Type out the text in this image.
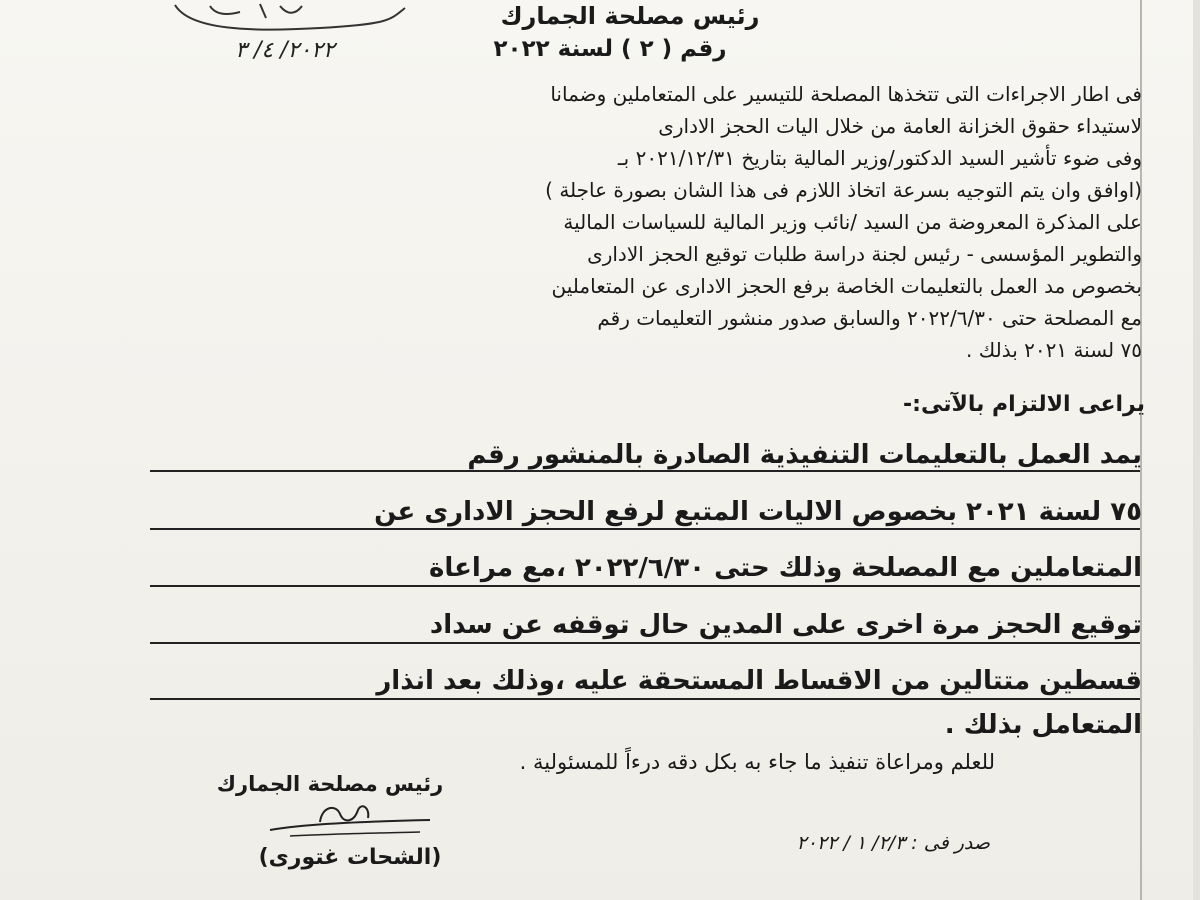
رئيس مصلحة الجمارك
رقم ( ٢ ) لسنة ٢٠٢٢
٢٠٢٢/ ٤/ ٣
فى اطار الاجراءات التى تتخذها المصلحة للتيسير على المتعاملين وضمانا
لاستيداء حقوق الخزانة العامة من خلال اليات الحجز الادارى
وفى ضوء تأشير السيد الدكتور/وزير المالية بتاريخ ٢٠٢١/١٢/٣١ بـ
(اوافق وان يتم التوجيه بسرعة اتخاذ اللازم فى هذا الشان بصورة عاجلة )
على المذكرة المعروضة من السيد /نائب وزير المالية للسياسات المالية
والتطوير المؤسسى - رئيس لجنة دراسة طلبات توقيع الحجز الادارى
بخصوص مد العمل بالتعليمات الخاصة برفع الحجز الادارى عن المتعاملين
مع المصلحة حتى ٢٠٢٢/٦/٣٠ والسابق صدور منشور التعليمات رقم
٧٥ لسنة ٢٠٢١ بذلك .
يراعى الالتزام بالآتى:-
يمد العمل بالتعليمات التنفيذية الصادرة بالمنشور رقم
٧٥ لسنة ٢٠٢١ بخصوص الاليات المتبع لرفع الحجز الادارى عن
المتعاملين مع المصلحة وذلك حتى ٢٠٢٢/٦/٣٠ ،مع مراعاة
توقيع الحجز مرة اخرى على المدين حال توقفه عن سداد
قسطين متتالين من الاقساط المستحقة عليه ،وذلك بعد انذار
المتعامل بذلك .
للعلم ومراعاة تنفيذ ما جاء به بكل دقه درءاً للمسئولية .
رئيس مصلحة الجمارك
(الشحات غتورى)
صدر فى : ٢/٣/ ١ / ٢٠٢٢
